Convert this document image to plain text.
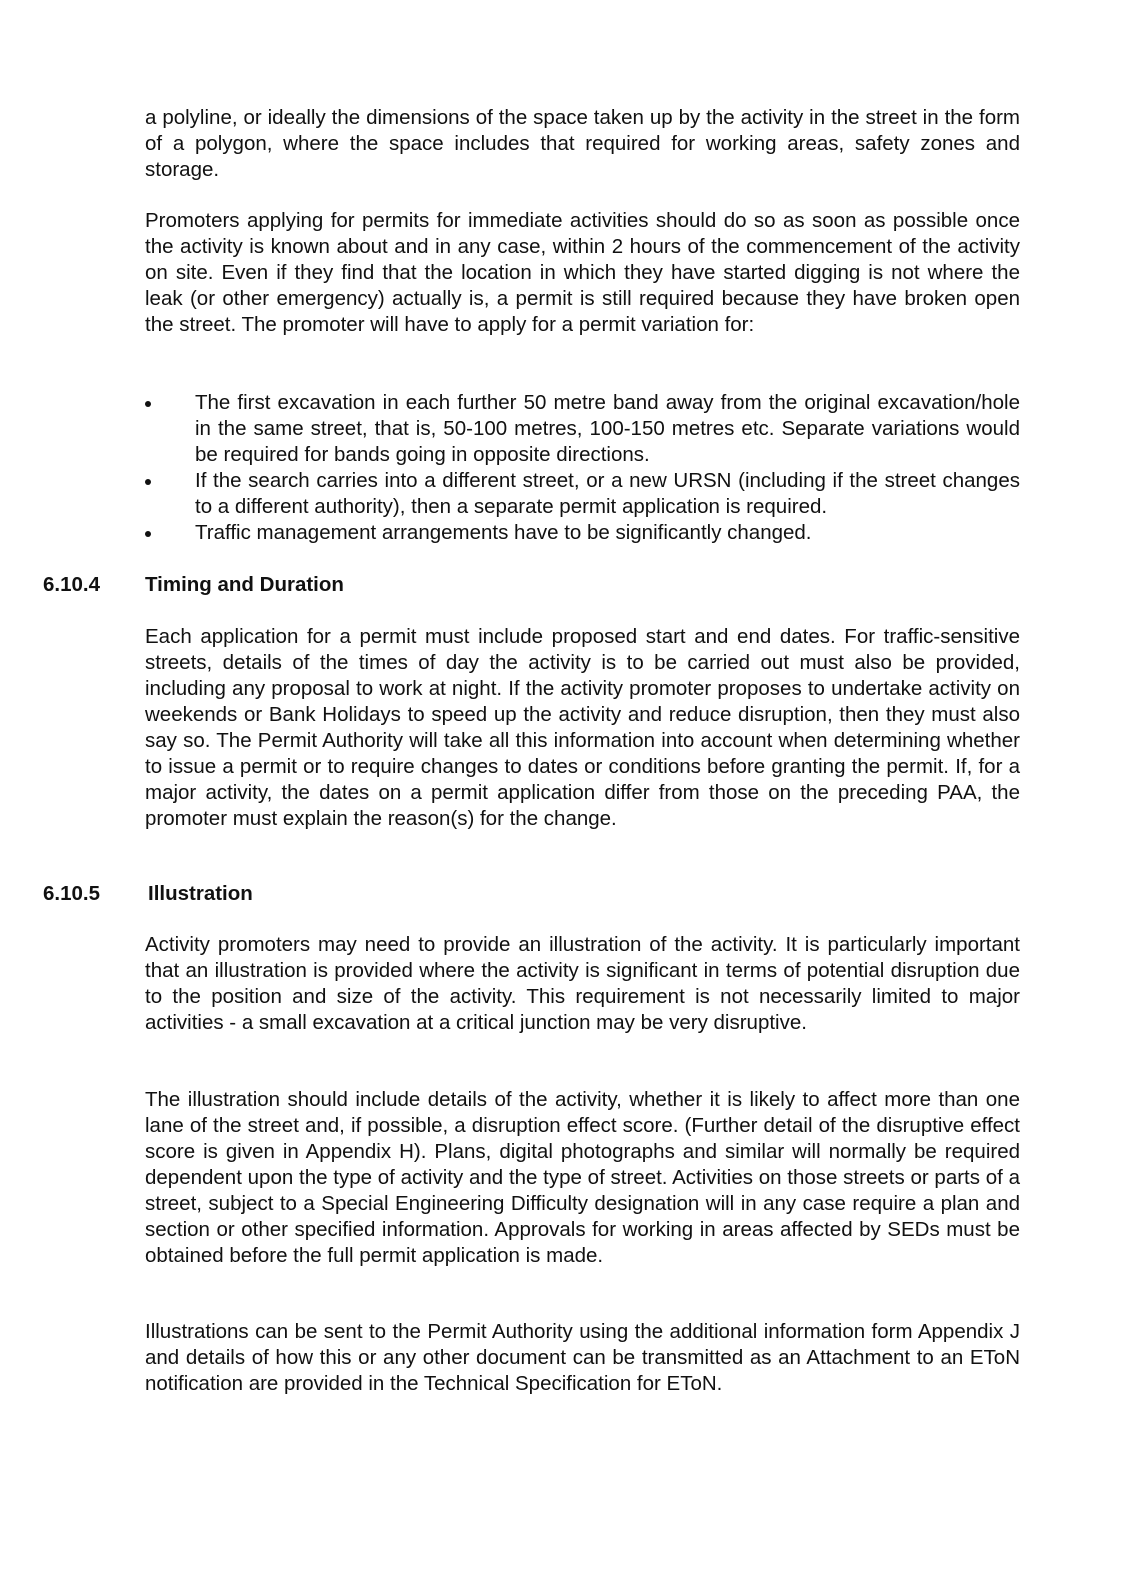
a polyline, or ideally the dimensions of the space taken up by the activity in the street in the form of a polygon, where the space includes that required for working areas, safety zones and storage.

Promoters applying for permits for immediate activities should do so as soon as possible once the activity is known about and in any case, within 2 hours of the commencement of the activity on site. Even if they find that the location in which they have started digging is not where the leak (or other emergency) actually is, a permit is still required because they have broken open the street. The promoter will have to apply for a permit variation for:

The first excavation in each further 50 metre band away from the original excavation/hole in the same street, that is, 50-100 metres, 100-150 metres etc. Separate variations would be required for bands going in opposite directions.
If the search carries into a different street, or a new URSN (including if the street changes to a different authority), then a separate permit application is required.
Traffic management arrangements have to be significantly changed.
6.10.4 Timing and Duration

Each application for a permit must include proposed start and end dates. For traffic-sensitive streets, details of the times of day the activity is to be carried out must also be provided, including any proposal to work at night. If the activity promoter proposes to undertake activity on weekends or Bank Holidays to speed up the activity and reduce disruption, then they must also say so. The Permit Authority will take all this information into account when determining whether to issue a permit or to require changes to dates or conditions before granting the permit. If, for a major activity, the dates on a permit application differ from those on the preceding PAA, the promoter must explain the reason(s) for the change.

6.10.5 Illustration

Activity promoters may need to provide an illustration of the activity. It is particularly important that an illustration is provided where the activity is significant in terms of potential disruption due to the position and size of the activity. This requirement is not necessarily limited to major activities - a small excavation at a critical junction may be very disruptive.

The illustration should include details of the activity, whether it is likely to affect more than one lane of the street and, if possible, a disruption effect score. (Further detail of the disruptive effect score is given in Appendix H). Plans, digital photographs and similar will normally be required dependent upon the type of activity and the type of street. Activities on those streets or parts of a street, subject to a Special Engineering Difficulty designation will in any case require a plan and section or other specified information. Approvals for working in areas affected by SEDs must be obtained before the full permit application is made.

Illustrations can be sent to the Permit Authority using the additional information form Appendix J and details of how this or any other document can be transmitted as an Attachment to an EToN notification are provided in the Technical Specification for EToN.
